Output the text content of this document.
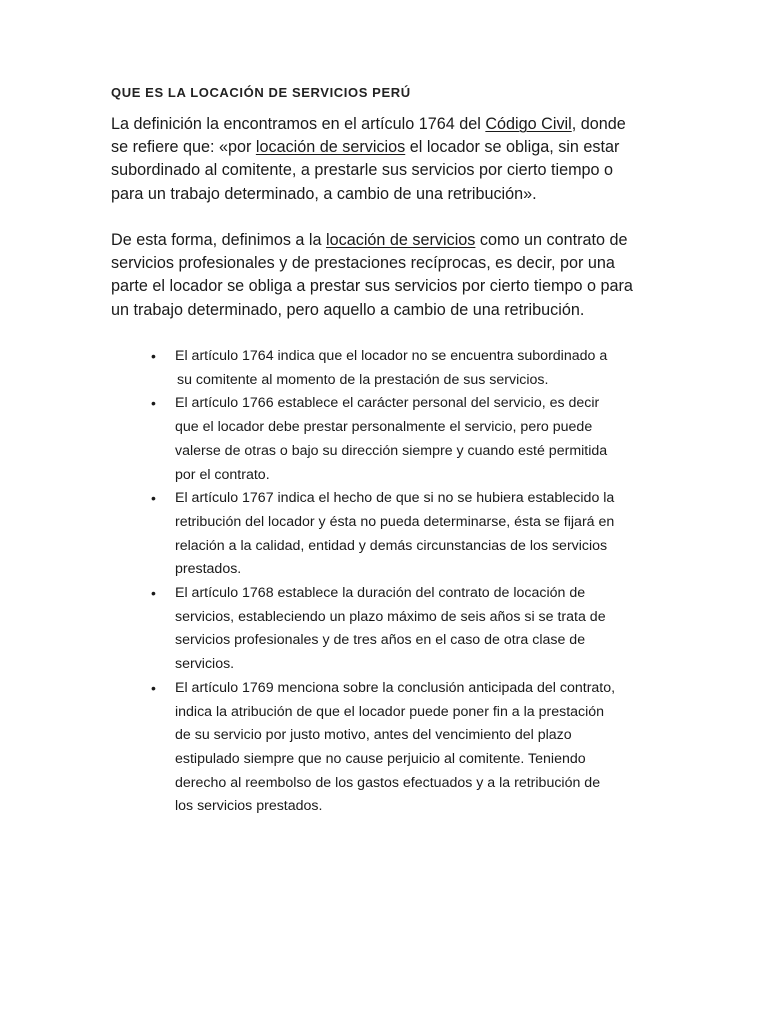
QUE ES LA LOCACIÓN DE SERVICIOS PERÚ
La definición la encontramos en el artículo 1764 del Código Civil, donde
se refiere que: «por locación de servicios el locador se obliga, sin estar
subordinado al comitente, a prestarle sus servicios por cierto tiempo o
para un trabajo determinado, a cambio de una retribución».
De esta forma, definimos a la locación de servicios como un contrato de
servicios profesionales y de prestaciones recíprocas, es decir, por una
parte el locador se obliga a prestar sus servicios por cierto tiempo o para
un trabajo determinado, pero aquello a cambio de una retribución.
• El artículo 1764 indica que el locador no se encuentra subordinado a
su comitente al momento de la prestación de sus servicios.
• El artículo 1766 establece el carácter personal del servicio, es decir
que el locador debe prestar personalmente el servicio, pero puede
valerse de otras o bajo su dirección siempre y cuando esté permitida
por el contrato.
• El artículo 1767 indica el hecho de que si no se hubiera establecido la
retribución del locador y ésta no pueda determinarse, ésta se fijará en
relación a la calidad, entidad y demás circunstancias de los servicios
prestados.
• El artículo 1768 establece la duración del contrato de locación de
servicios, estableciendo un plazo máximo de seis años si se trata de
servicios profesionales y de tres años en el caso de otra clase de
servicios.
• El artículo 1769 menciona sobre la conclusión anticipada del contrato,
indica la atribución de que el locador puede poner fin a la prestación
de su servicio por justo motivo, antes del vencimiento del plazo
estipulado siempre que no cause perjuicio al comitente. Teniendo
derecho al reembolso de los gastos efectuados y a la retribución de
los servicios prestados.
